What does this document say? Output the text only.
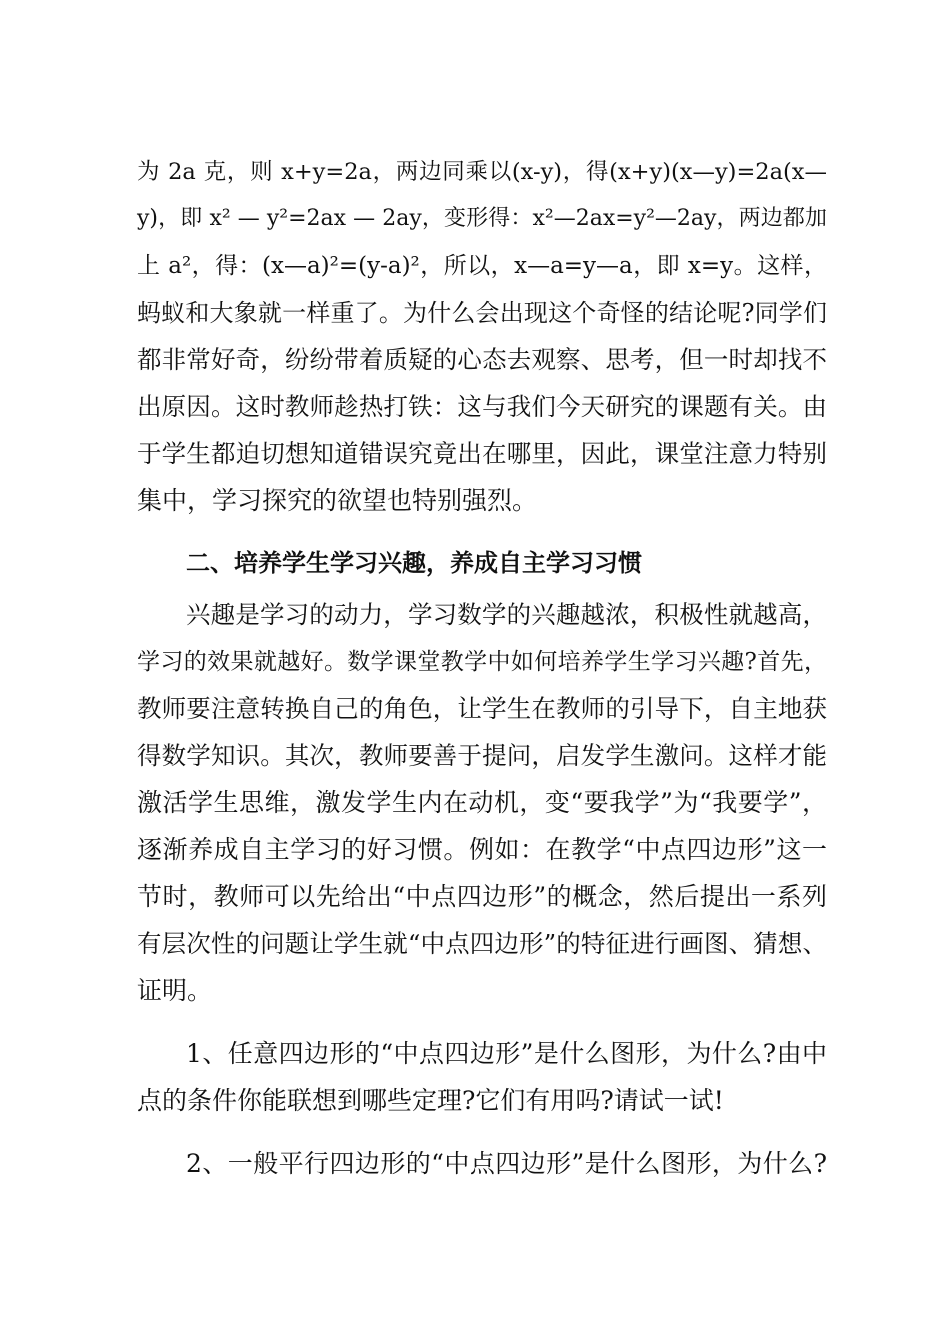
为 2a 克，则 x+y=2a，两边同乘以(x-y)，得(x+y)(x—y)=2a(x—
y)，即 x² — y²=2ax — 2ay，变形得：x²—2ax=y²—2ay，两边都加
上 a²，得：(x—a)²=(y-a)²，所以，x—a=y—a，即 x=y。这样，
蚂蚁和大象就一样重了。为什么会出现这个奇怪的结论呢?同学们
都非常好奇，纷纷带着质疑的心态去观察、思考，但一时却找不
出原因。这时教师趁热打铁：这与我们今天研究的课题有关。由
于学生都迫切想知道错误究竟出在哪里，因此，课堂注意力特别
集中，学习探究的欲望也特别强烈。
二、培养学生学习兴趣，养成自主学习习惯
兴趣是学习的动力，学习数学的兴趣越浓，积极性就越高，
学习的效果就越好。数学课堂教学中如何培养学生学习兴趣?首先，
教师要注意转换自己的角色，让学生在教师的引导下，自主地获
得数学知识。其次，教师要善于提问，启发学生激问。这样才能
激活学生思维，激发学生内在动机，变“要我学”为“我要学”，
逐渐养成自主学习的好习惯。例如：在教学“中点四边形”这一
节时，教师可以先给出“中点四边形”的概念，然后提出一系列
有层次性的问题让学生就“中点四边形”的特征进行画图、猜想、
证明。
1、任意四边形的“中点四边形”是什么图形，为什么?由中
点的条件你能联想到哪些定理?它们有用吗?请试一试!
2、一般平行四边形的“中点四边形”是什么图形，为什么?
